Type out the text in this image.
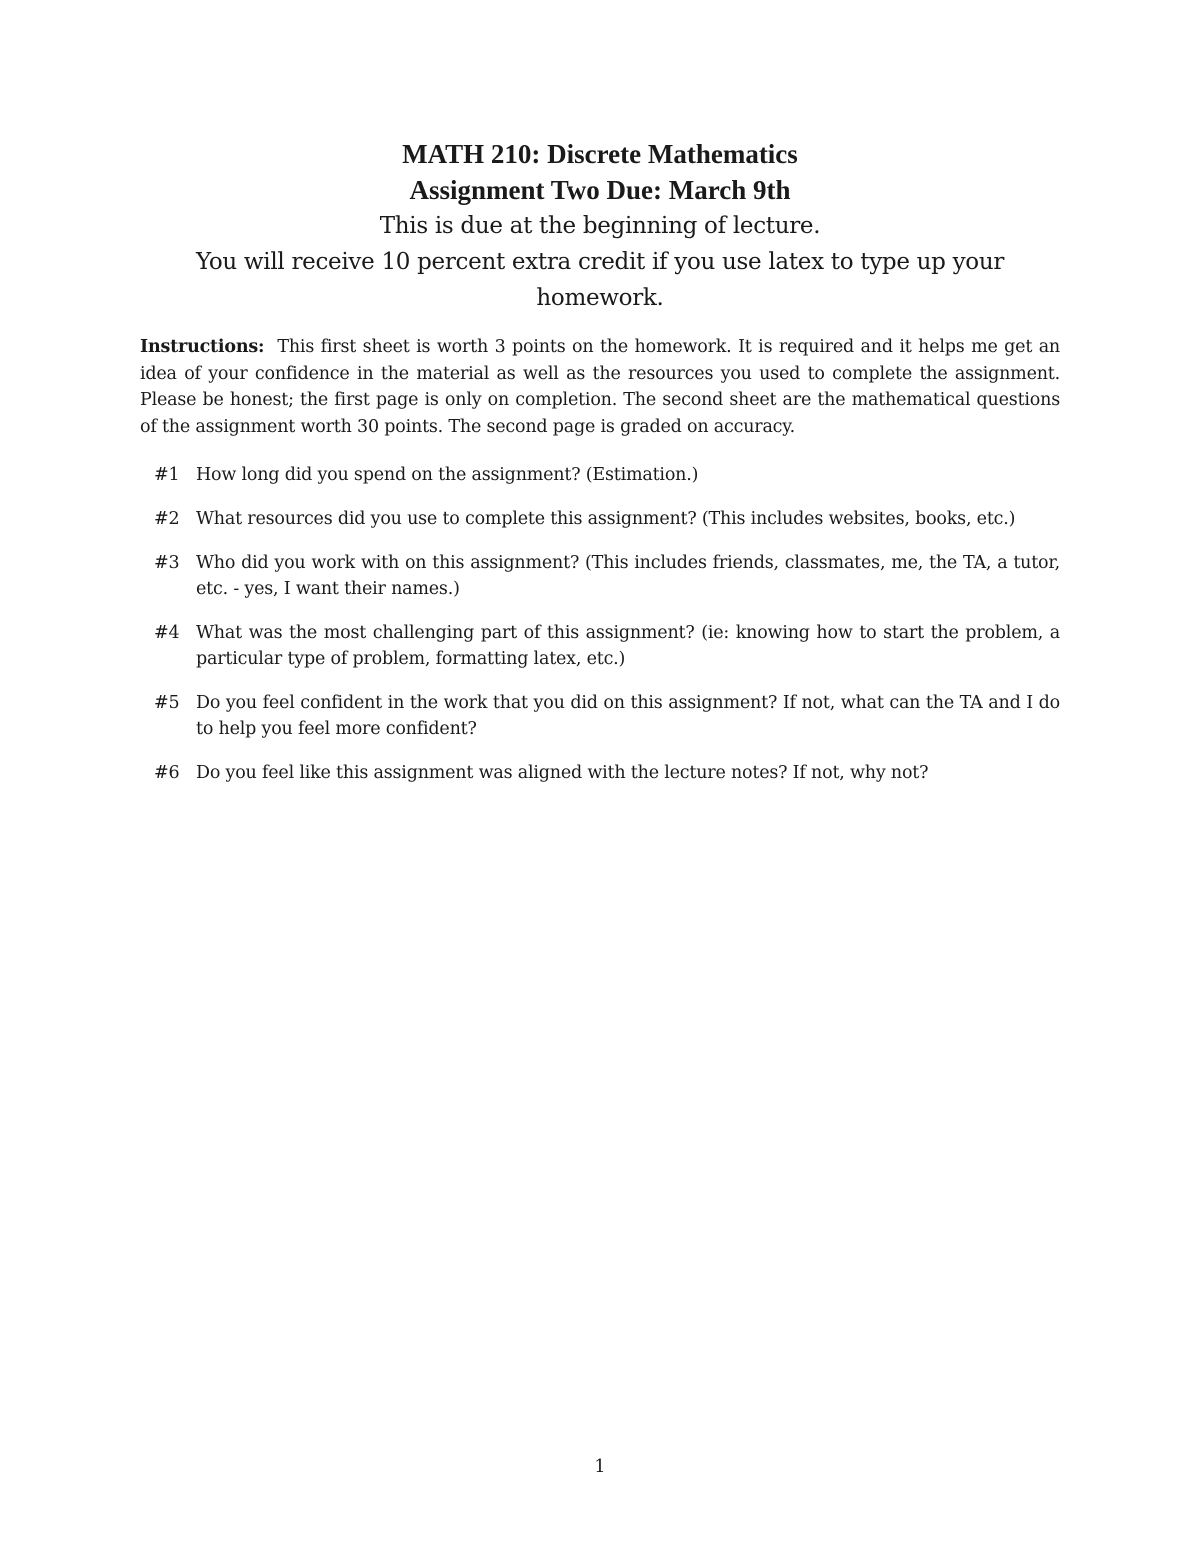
MATH 210: Discrete Mathematics

Assignment Two Due: March 9th

This is due at the beginning of lecture.

You will receive 10 percent extra credit if you use latex to type up your homework.

Instructions: This first sheet is worth 3 points on the homework. It is required and it helps me get an idea of your confidence in the material as well as the resources you used to complete the assignment. Please be honest; the first page is only on completion. The second sheet are the mathematical questions of the assignment worth 30 points. The second page is graded on accuracy.

#1 How long did you spend on the assignment? (Estimation.)
#2 What resources did you use to complete this assignment? (This includes websites, books, etc.)
#3 Who did you work with on this assignment? (This includes friends, classmates, me, the TA, a tutor, etc. - yes, I want their names.)
#4 What was the most challenging part of this assignment? (ie: knowing how to start the problem, a particular type of problem, formatting latex, etc.)
#5 Do you feel confident in the work that you did on this assignment? If not, what can the TA and I do to help you feel more confident?
#6 Do you feel like this assignment was aligned with the lecture notes? If not, why not?
1
